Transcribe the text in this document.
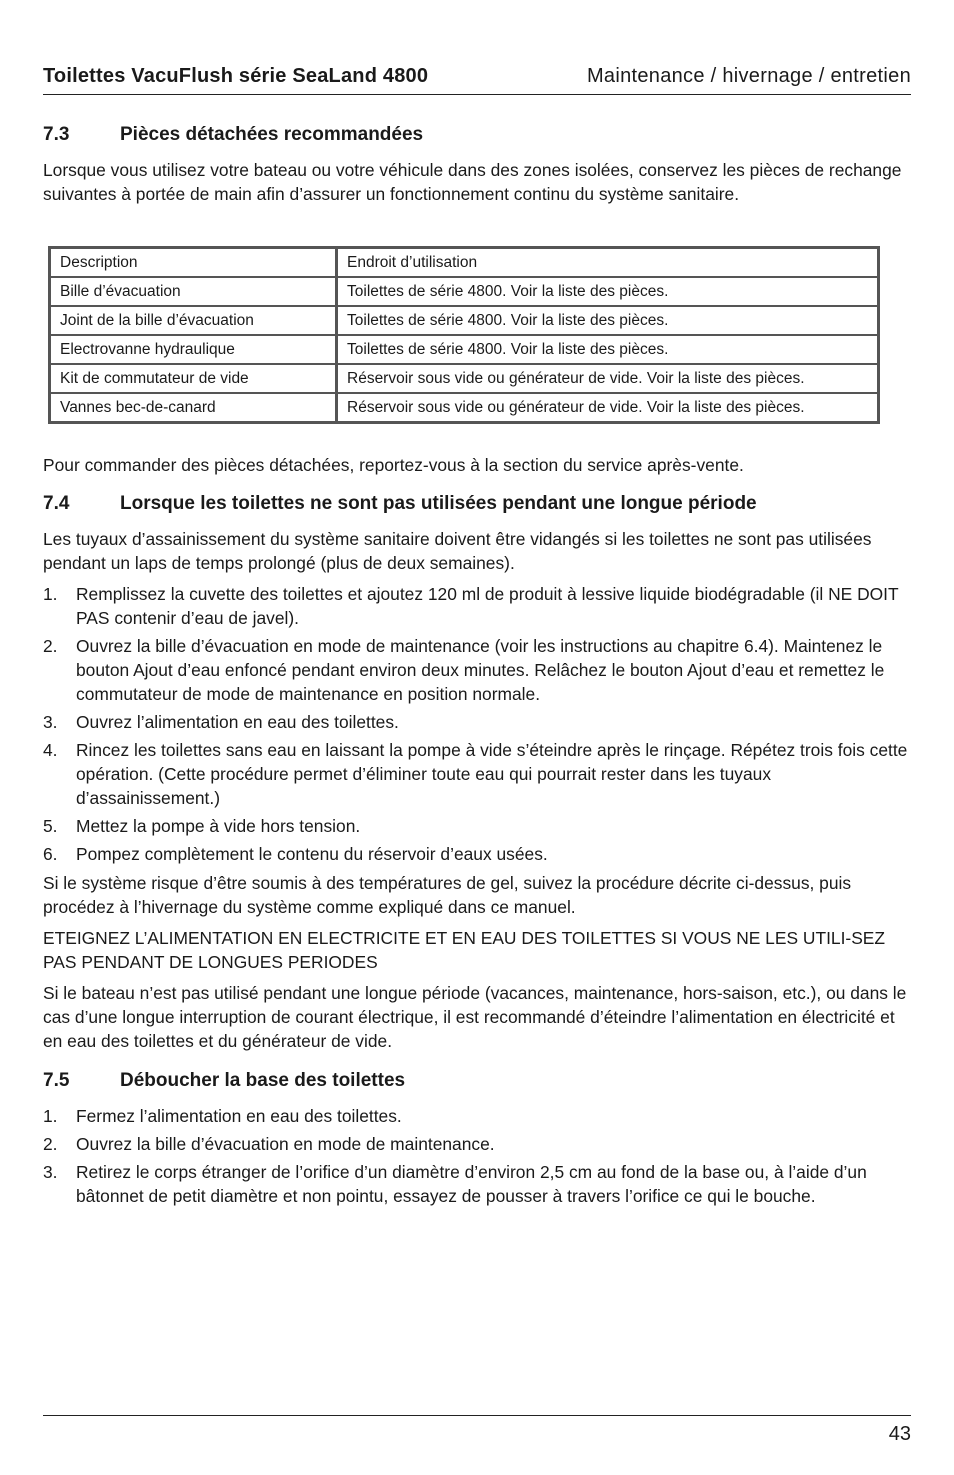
Toilettes VacuFlush série SeaLand 4800	Maintenance / hivernage / entretien
7.3	Pièces détachées recommandées

Lorsque vous utilisez votre bateau ou votre véhicule dans des zones isolées, conservez les pièces de rechange suivantes à portée de main afin d’assurer un fonctionnement continu du système sanitaire.

Description	Endroit d’utilisation
Bille d’évacuation	Toilettes de série 4800. Voir la liste des pièces.
Joint de la bille d’évacuation	Toilettes de série 4800. Voir la liste des pièces.
Electrovanne hydraulique	Toilettes de série 4800. Voir la liste des pièces.
Kit de commutateur de vide	Réservoir sous vide ou générateur de vide. Voir la liste des pièces.
Vannes bec-de-canard	Réservoir sous vide ou générateur de vide. Voir la liste des pièces.

Pour commander des pièces détachées, reportez-vous à la section du service après-vente.

7.4	Lorsque les toilettes ne sont pas utilisées pendant une longue période

Les tuyaux d’assainissement du système sanitaire doivent être vidangés si les toilettes ne sont pas utilisées pendant un laps de temps prolongé (plus de deux semaines).

1. Remplissez la cuvette des toilettes et ajoutez 120 ml de produit à lessive liquide biodégradable (il NE DOIT PAS contenir d’eau de javel).
2. Ouvrez la bille d’évacuation en mode de maintenance (voir les instructions au chapitre 6.4). Maintenez le bouton Ajout d’eau enfoncé pendant environ deux minutes. Relâchez le bouton Ajout d’eau et remettez le commutateur de mode de maintenance en position normale.
3. Ouvrez l’alimentation en eau des toilettes.
4. Rincez les toilettes sans eau en laissant la pompe à vide s’éteindre après le rinçage. Répétez trois fois cette opération. (Cette procédure permet d’éliminer toute eau qui pourrait rester dans les tuyaux d’assainissement.)
5. Mettez la pompe à vide hors tension.
6. Pompez complètement le contenu du réservoir d’eaux usées.

Si le système risque d’être soumis à des températures de gel, suivez la procédure décrite ci-dessus, puis procédez à l’hivernage du système comme expliqué dans ce manuel.

ETEIGNEZ L’ALIMENTATION EN ELECTRICITE ET EN EAU DES TOILETTES SI VOUS NE LES UTILI-SEZ PAS PENDANT DE LONGUES PERIODES

Si le bateau n’est pas utilisé pendant une longue période (vacances, maintenance, hors-saison, etc.), ou dans le cas d’une longue interruption de courant électrique, il est recommandé d’éteindre l’alimentation en électricité et en eau des toilettes et du générateur de vide.

7.5	Déboucher la base des toilettes
1. Fermez l’alimentation en eau des toilettes.
2. Ouvrez la bille d’évacuation en mode de maintenance.
3. Retirez le corps étranger de l’orifice d’un diamètre d’environ 2,5 cm au fond de la base ou, à l’aide d’un bâtonnet de petit diamètre et non pointu, essayez de pousser à travers l’orifice ce qui le bouche.
43
